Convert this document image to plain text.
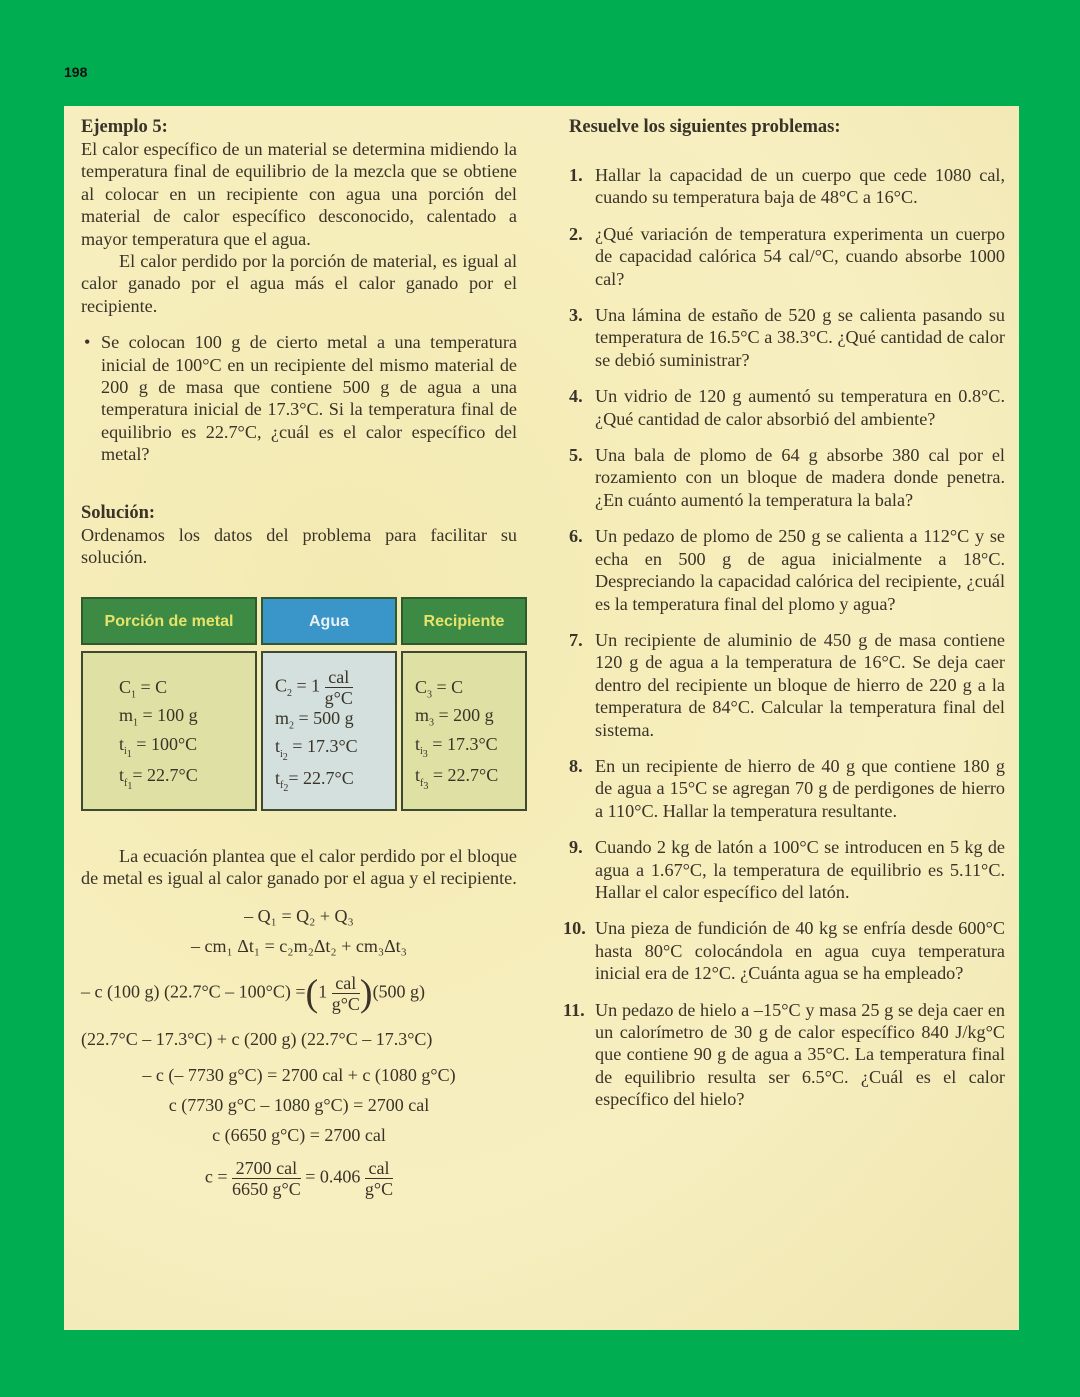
198

Ejemplo 5:

El calor específico de un material se determina midiendo la temperatura final de equilibrio de la mezcla que se obtiene al colocar en un recipiente con agua una porción del material de calor específico desconocido, calentado a mayor temperatura que el agua.

El calor perdido por la porción de material, es igual al calor ganado por el agua más el calor ganado por el recipiente.

• Se colocan 100 g de cierto metal a una temperatura inicial de 100°C en un recipiente del mismo material de 200 g de masa que contiene 500 g de agua a una temperatura inicial de 17.3°C. Si la temperatura final de equilibrio es 22.7°C, ¿cuál es el calor específico del metal?

Solución:

Ordenamos los datos del problema para facilitar su solución.

Porción de metal	Agua	Recipiente
$C_1 = C$
$m_1 = 100$ g
$t_{i_1} = 100^\circ C$
$t_{f_1}= 22.7^\circ C$
$C_2 = 1 \frac{\text{cal}}{g^\circ C}$
$m_2 = 500$ g
$t_{i_2} = 17.3^\circ C$
$t_{f_2}= 22.7^\circ C$
$C_3 = C$
$m_3 = 200$ g
$t_{i_3} = 17.3^\circ C$
$t_{f_3} = 22.7^\circ C$

La ecuación plantea que el calor perdido por el bloque de metal es igual al calor ganado por el agua y el recipiente.

– Q₁ = Q₂ + Q₃
– cm₁ Δt₁ = c₂m₂Δt₂ + cm₃Δt₃
– c (100 g) $(22.7^\circ C - 100^\circ C) =(1 \frac{\text{cal}}{g^\circ C} )(500$ g)
(22.7°C – 17.3°C) + c (200 g) (22.7°C – 17.3°C)
– c (– 7730 g°C) = 2700 cal + c (1080 g°C)
c (7730 g°C – 1080 g°C) = 2700 cal
c (6650 g°C) = 2700 cal
$c = \frac{\text{2700 cal}}{6650 g^\circ C} = 0.406 \frac{\text{cal}}{g^\circ C}$

Resuelve los siguientes problemas:

1. Hallar la capacidad de un cuerpo que cede 1080 cal, cuando su temperatura baja de 48°C a 16°C.
2. ¿Qué variación de temperatura experimenta un cuerpo de capacidad calórica 54 cal/°C, cuando absorbe 1000 cal?
3. Una lámina de estaño de 520 g se calienta pasando su temperatura de 16.5°C a 38.3°C. ¿Qué cantidad de calor se debió suministrar?
4. Un vidrio de 120 g aumentó su temperatura en 0.8°C. ¿Qué cantidad de calor absorbió del ambiente?
5. Una bala de plomo de 64 g absorbe 380 cal por el rozamiento con un bloque de madera donde penetra. ¿En cuánto aumentó la temperatura la bala?
6. Un pedazo de plomo de 250 g se calienta a 112°C y se echa en 500 g de agua inicialmente a 18°C. Despreciando la capacidad calórica del recipiente, ¿cuál es la temperatura final del plomo y agua?
7. Un recipiente de aluminio de 450 g de masa contiene 120 g de agua a la temperatura de 16°C. Se deja caer dentro del recipiente un bloque de hierro de 220 g a la temperatura de 84°C. Calcular la temperatura final del sistema.
8. En un recipiente de hierro de 40 g que contiene 180 g de agua a 15°C se agregan 70 g de perdigones de hierro a 110°C. Hallar la temperatura resultante.
9. Cuando 2 kg de latón a 100°C se introducen en 5 kg de agua a 1.67°C, la temperatura de equilibrio es 5.11°C. Hallar el calor específico del latón.
10. Una pieza de fundición de 40 kg se enfría desde 600°C hasta 80°C colocándola en agua cuya temperatura inicial era de 12°C. ¿Cuánta agua se ha empleado?
11. Un pedazo de hielo a –15°C y masa 25 g se deja caer en un calorímetro de 30 g de calor específico 840 J/kg°C que contiene 90 g de agua a 35°C. La temperatura final de equilibrio resulta ser 6.5°C. ¿Cuál es el calor específico del hielo?
